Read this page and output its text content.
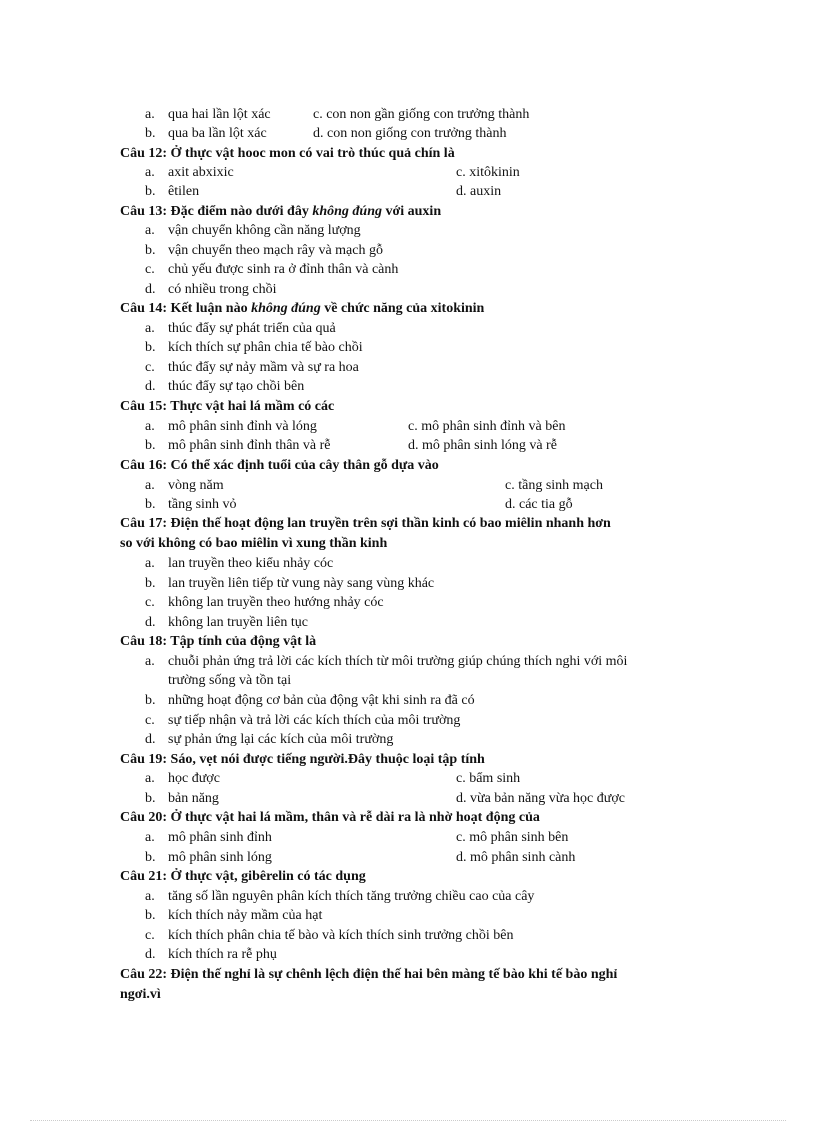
a. qua hai lần lột xác	c. con non gần giống con trưởng thành
b. qua ba lần lột xác	d. con non giống con trưởng thành
Câu 12: Ở thực vật hooc mon có vai trò thúc quả chín là
a. axit abxixic	c. xitôkinin
b. êtilen	d. auxin
Câu 13: Đặc điểm nào dưới đây không đúng với auxin
a. vận chuyển không cần năng lượng
b. vận chuyển theo mạch rây và mạch gỗ
c. chủ yếu được sinh ra ở đỉnh thân và cành
d. có nhiều trong chồi
Câu 14: Kết luận nào không đúng về chức năng của xitokinin
a. thúc đẩy sự phát triển của quả
b. kích thích sự phân chia tế bào chồi
c. thúc đẩy sự nảy mầm và sự ra hoa
d. thúc đẩy sự tạo chồi bên
Câu 15: Thực vật hai lá mầm có các
a. mô phân sinh đỉnh và lóng	c. mô phân sinh đỉnh và bên
b. mô phân sinh đỉnh thân và rễ	d. mô phân sinh lóng và rễ
Câu 16: Có thể xác định tuổi của cây thân gỗ dựa vào
a. vòng năm	c. tầng sinh mạch
b. tầng sinh vỏ	d. các tia gỗ
Câu 17: Điện thế hoạt động lan truyền trên sợi thần kinh có bao miêlin nhanh hơn
so với không có bao miêlin vì xung thần kinh
a. lan truyền theo kiểu nhảy cóc
b. lan truyền liên tiếp từ vung này sang vùng khác
c. không lan truyền theo hướng nhảy cóc
d. không lan truyền liên tục
Câu 18: Tập tính của động vật là
a. chuỗi phản ứng trả lời các kích thích từ môi trường giúp chúng thích nghi với môi
trường sống và tồn tại
b. những hoạt động cơ bản của động vật khi sinh ra đã có
c. sự tiếp nhận và trả lời các kích thích của môi trường
d. sự phản ứng lại các kích của môi trường
Câu 19: Sáo, vẹt nói được tiếng người.Đây thuộc loại tập tính
a. học được	c. bẩm sinh
b. bản năng	d. vừa bản năng vừa học được
Câu 20: Ở thực vật hai lá mầm, thân và rễ dài ra là nhờ hoạt động của
a. mô phân sinh đỉnh	c. mô phân sinh bên
b. mô phân sinh lóng	d. mô phân sinh cành
Câu 21: Ở thực vật, gibêrelin có tác dụng
a. tăng số lần nguyên phân kích thích tăng trưởng chiều cao của cây
b. kích thích nảy mầm của hạt
c. kích thích phân chia tế bào và kích thích sinh trưởng chồi bên
d. kích thích ra rễ phụ
Câu 22: Điện thế nghỉ là sự chênh lệch điện thế hai bên màng tế bào khi tế bào nghỉ
ngơi.vì
